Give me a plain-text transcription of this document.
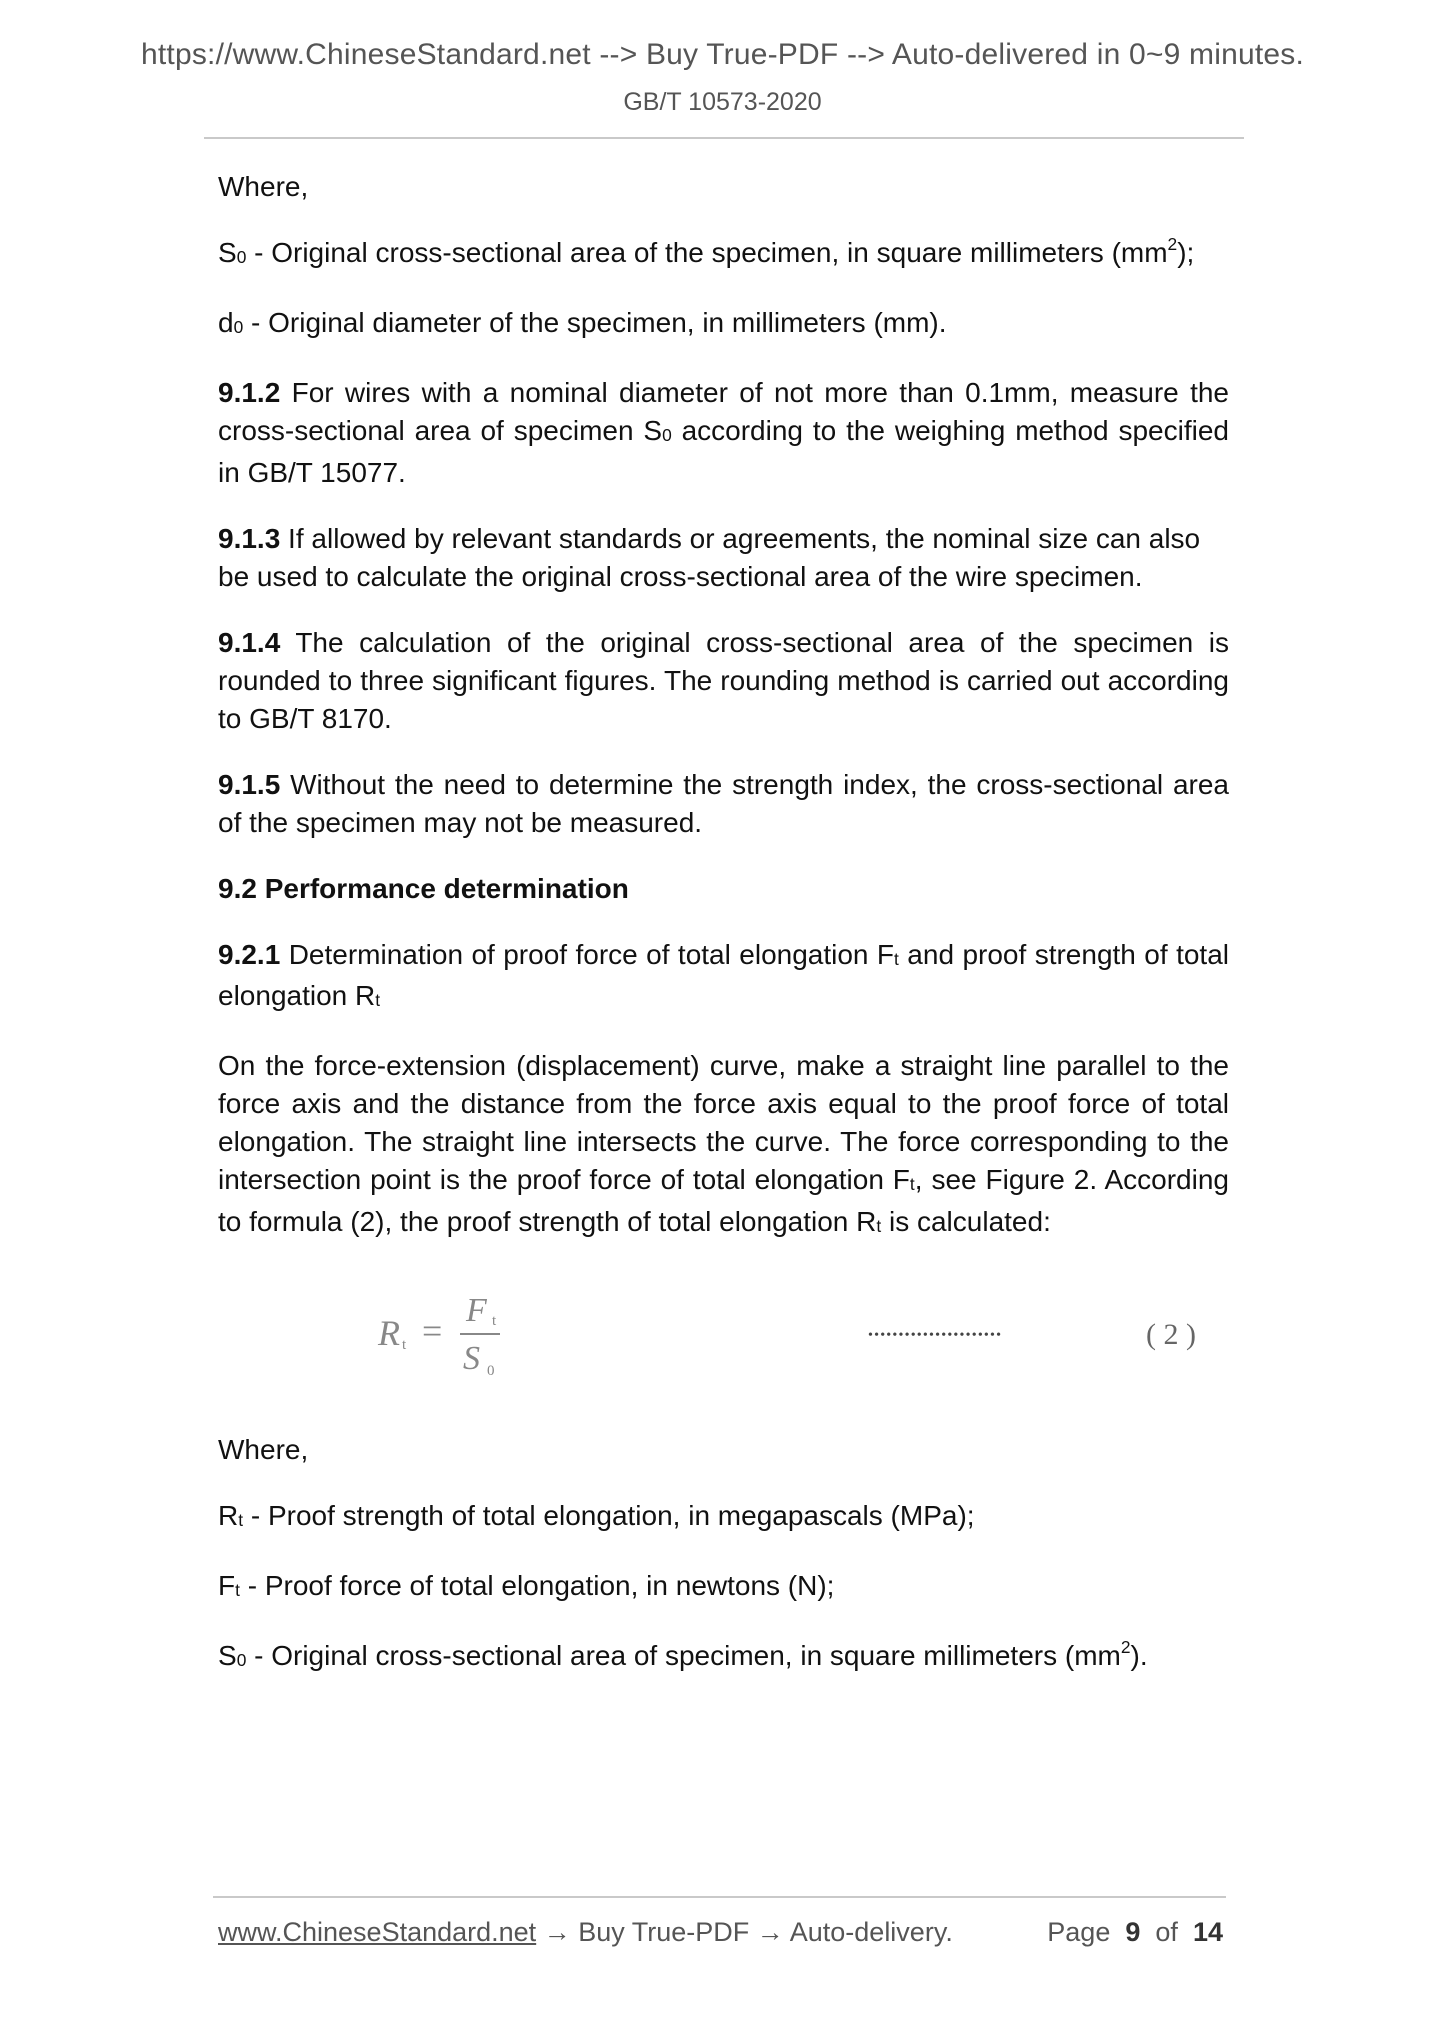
https://www.ChineseStandard.net --> Buy True-PDF --> Auto-delivered in 0~9 minutes.
GB/T 10573-2020

Where,

$S_0$ - Original cross-sectional area of the specimen, in square millimeters $(mm^2)$;

$d_0$ - Original diameter of the specimen, in millimeters (mm).

9.1.2 For wires with a nominal diameter of not more than 0.1mm, measure the cross-sectional area of specimen $S_0$ according to the weighing method specified in GB/T 15077.

9.1.3 If allowed by relevant standards or agreements, the nominal size can also be used to calculate the original cross-sectional area of the wire specimen.

9.1.4 The calculation of the original cross-sectional area of the specimen is rounded to three significant figures. The rounding method is carried out according to GB/T 8170.

9.1.5 Without the need to determine the strength index, the cross-sectional area of the specimen may not be measured.

9.2 Performance determination

9.2.1 Determination of proof force of total elongation $F_t$ and proof strength of total elongation $R_t$

On the force-extension (displacement) curve, make a straight line parallel to the force axis and the distance from the force axis equal to the proof force of total elongation. The straight line intersects the curve. The force corresponding to the intersection point is the proof force of total elongation $F_t$, see Figure 2. According to formula (2), the proof strength of total elongation $R_t$ is calculated:

R t =
F t
S 0
••••••••••••••••••••••	( 2 )

Where,

$R_t$ - Proof strength of total elongation, in megapascals (MPa);

$F_t$ - Proof force of total elongation, in newtons (N);

$S_0$ - Original cross-sectional area of specimen, in square millimeters $(mm^2)$.

www.ChineseStandard.net → Buy True-PDF → Auto-delivery.	Page 9 of 14
